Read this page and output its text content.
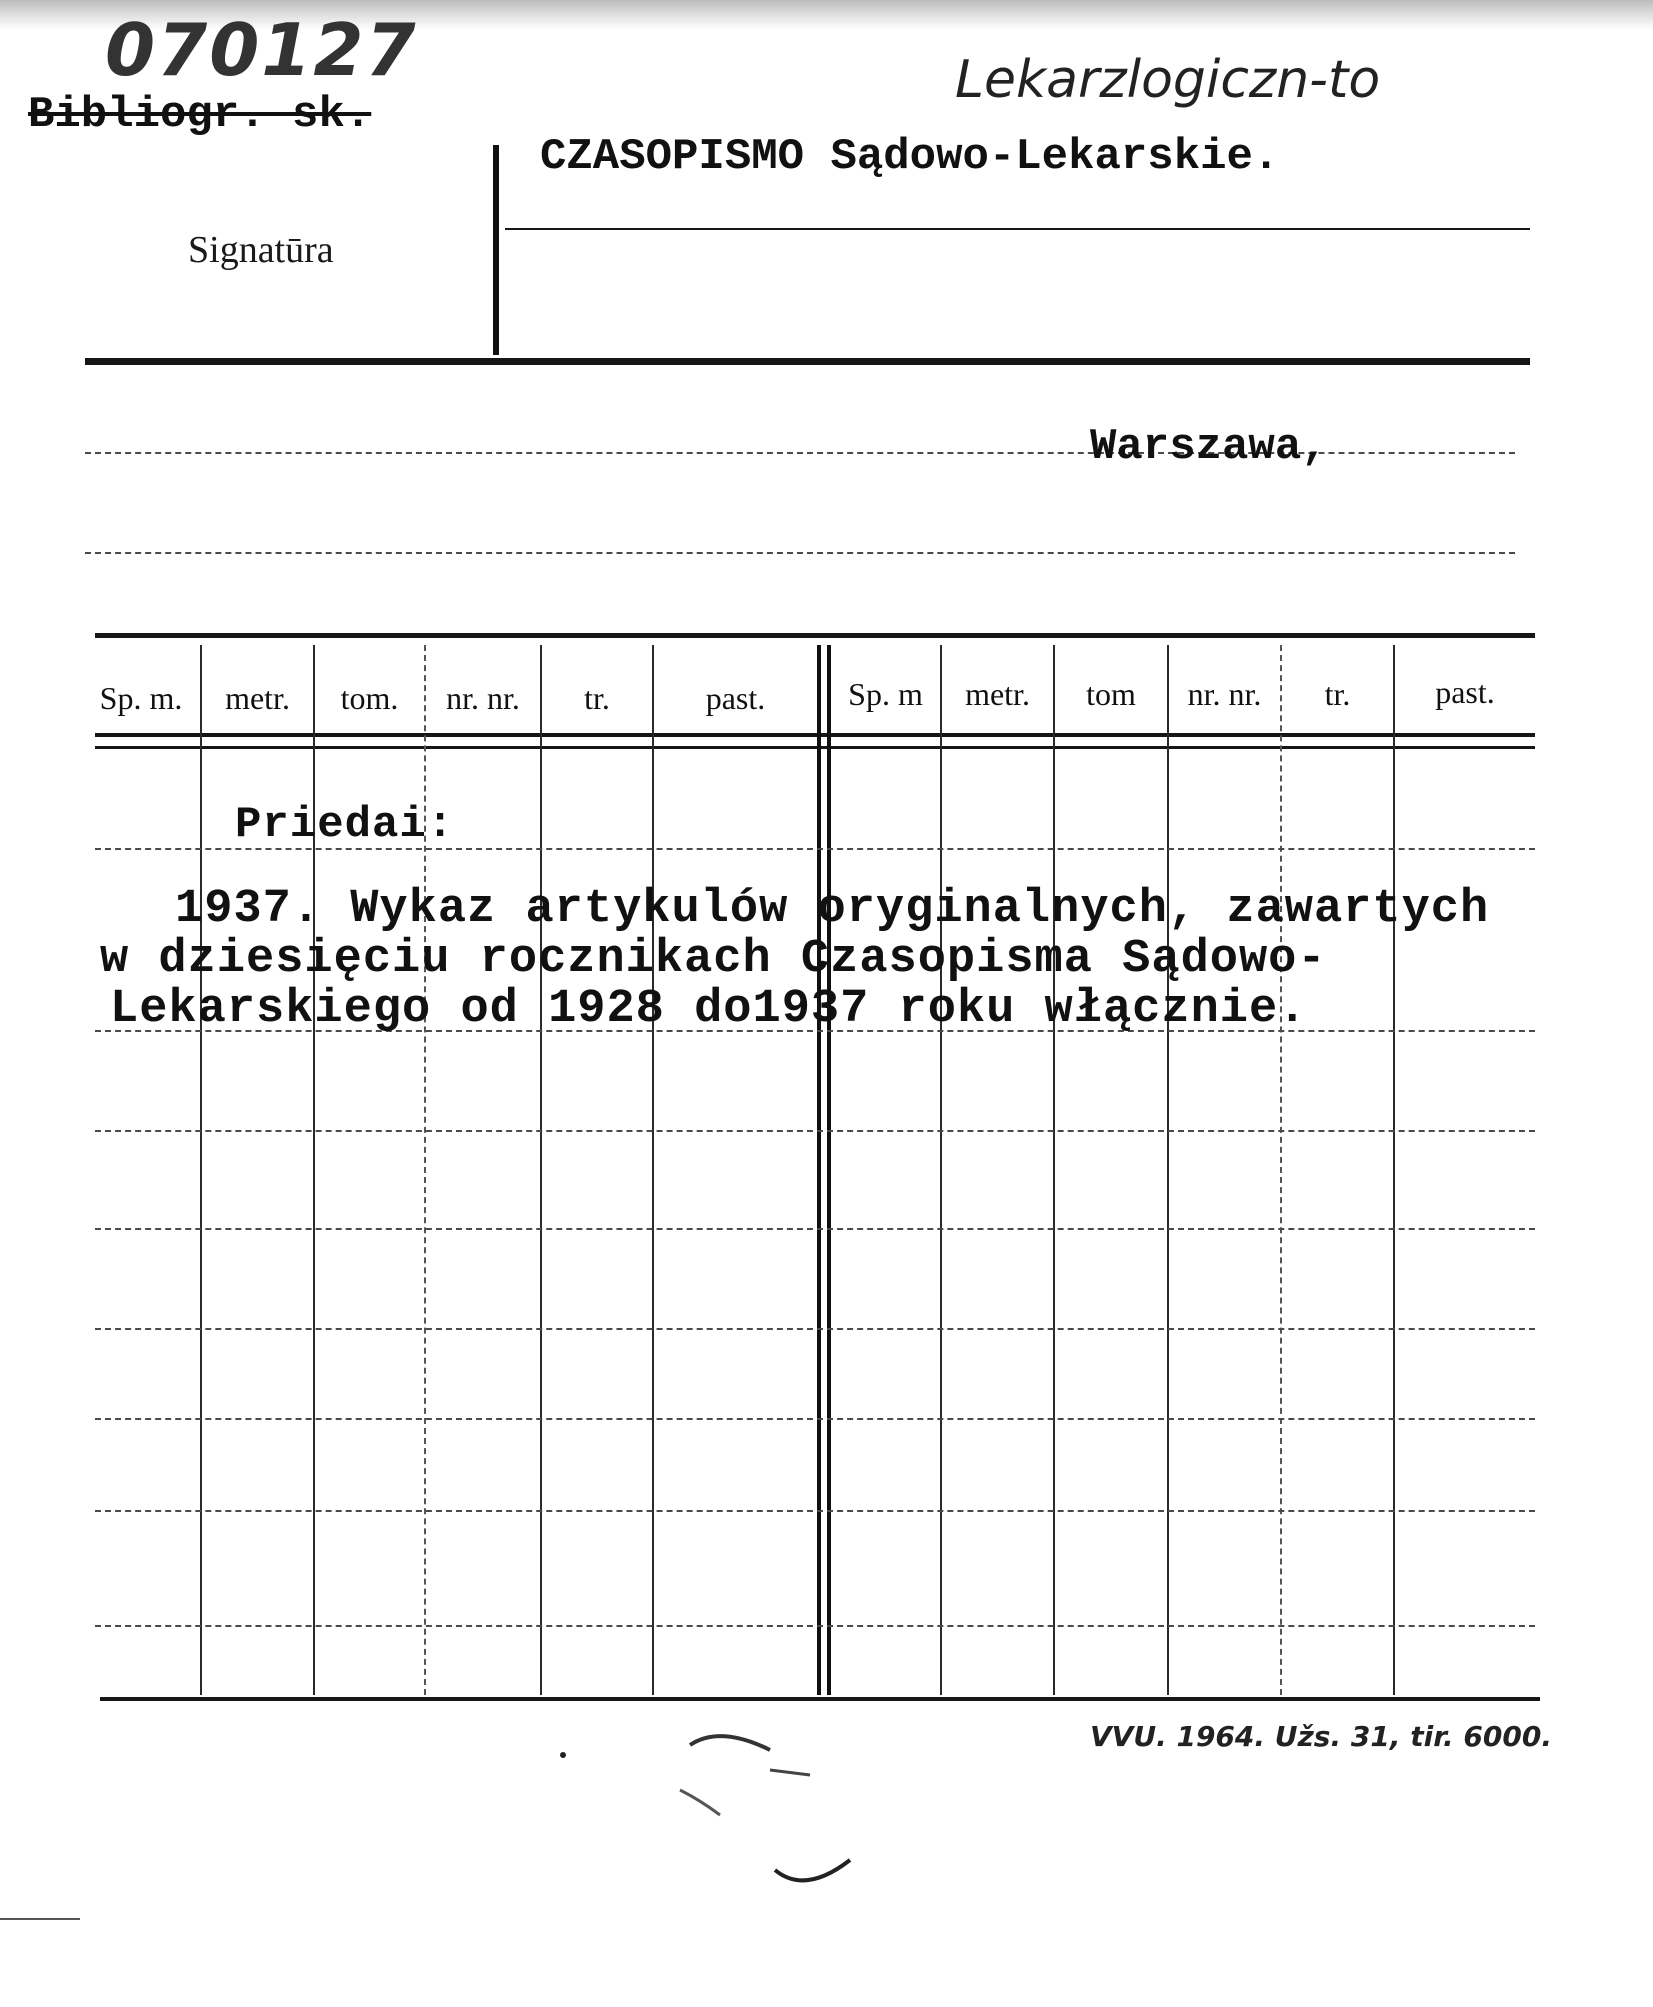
070127
Bibliogr. sk.
Lekarzlogiczn-to
Signatūra
CZASOPISMO Sądowo-Lekarskie.
Warszawa,
Sp. m.	metr.	tom.	nr. nr.	tr.	past.	Sp. m	metr.	tom	nr. nr.	tr.	past.
Priedai:
1937. Wykaz artykulów oryginalnych, zawartych
w dziesięciu rocznikach Czasopisma Sądowo-
Lekarskiego od 1928 do1937 roku włącznie.
VVU. 1964. Užs. 31, tir. 6000.
